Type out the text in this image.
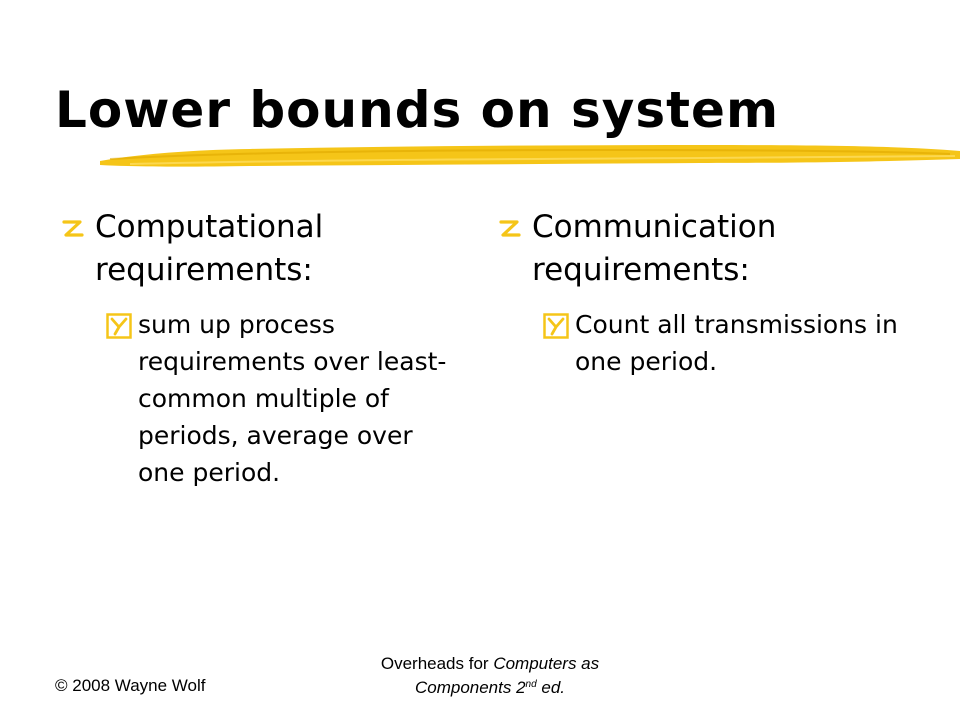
Lower bounds on system
Computational requirements:
sum up process requirements over least-common multiple of periods, average over one period.
Communication requirements:
Count all transmissions in one period.
© 2008 Wayne Wolf
Overheads for Computers as
Components 2nd ed.
